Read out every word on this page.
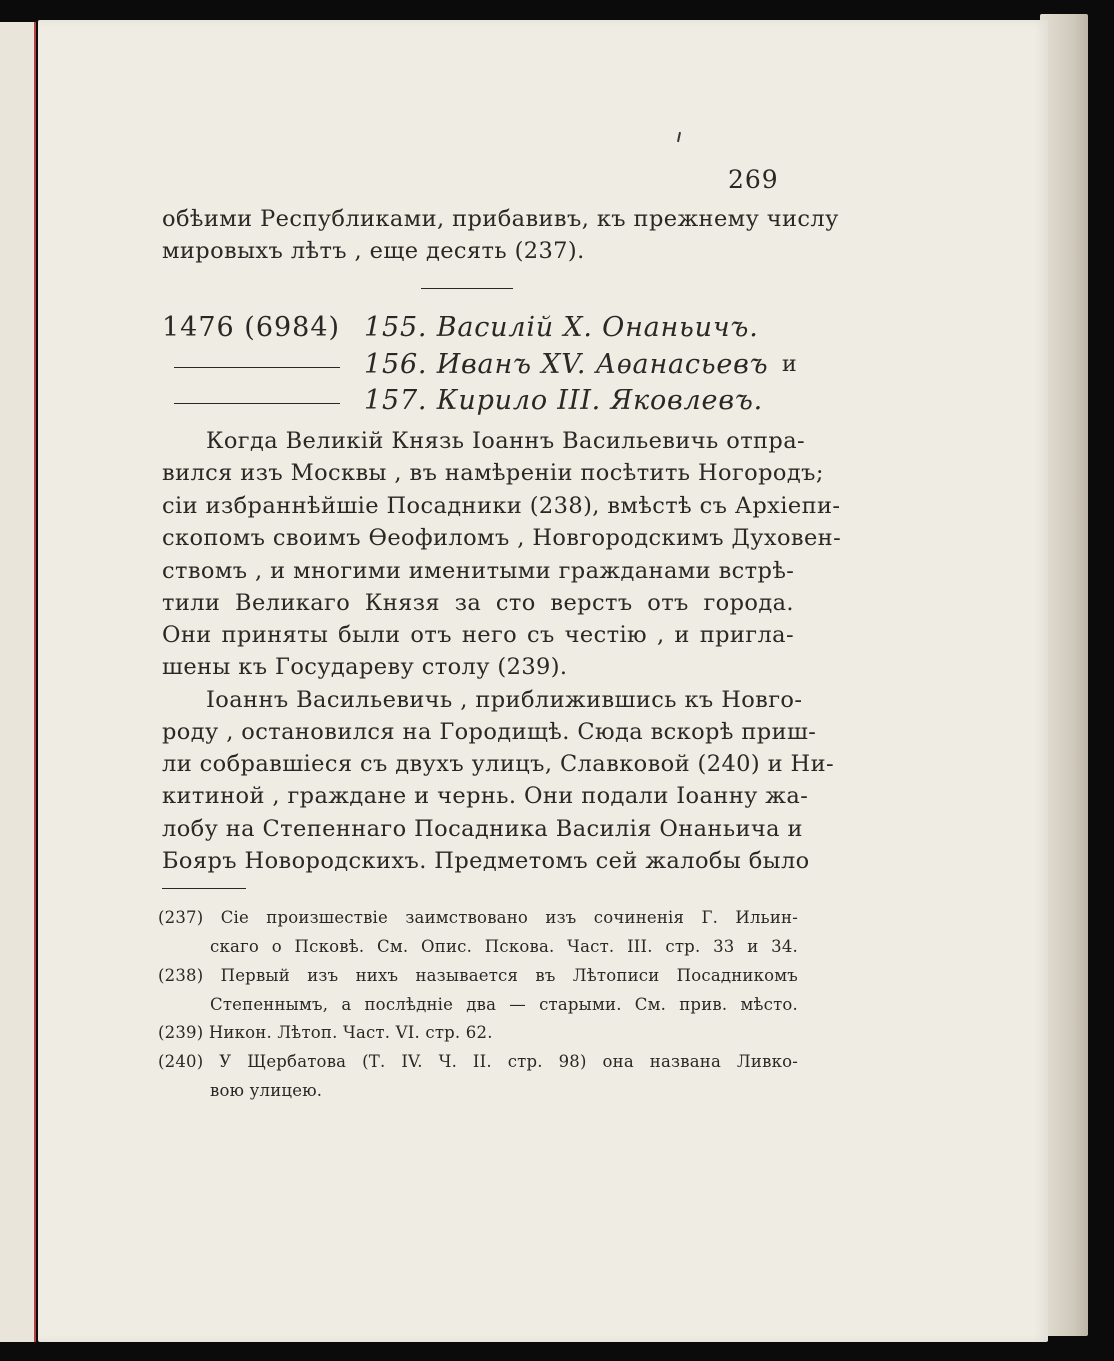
269
обѣими Республиками, прибавивъ, къ прежнему числу
мировыхъ лѣтъ , еще десять (237).
1476 (6984) 155. Василій X. Онаньичъ.
156. Иванъ XV. Аѳанасьевъ и
157. Кирило III. Яковлевъ.
Когда Великій Князь Іоаннъ Васильевичь отпра-
вился изъ Москвы , въ намѣреніи посѣтить Ногородъ;
сіи избраннѣйшіе Посадники (238), вмѣстѣ съ Архіепи-
скопомъ своимъ Ѳеофиломъ , Новгородскимъ Духовен-
ствомъ , и многими именитыми гражданами встрѣ-
тили Великаго Князя за сто верстъ отъ города.
Они приняты были отъ него съ честію , и пригла-
шены къ Государеву столу (239).
Іоаннъ Васильевичь , приближившись къ Новго-
роду , остановился на Городищѣ. Сюда вскорѣ приш-
ли собравшіеся съ двухъ улицъ, Славковой (240) и Ни-
китиной , граждане и чернь. Они подали Іоанну жа-
лобу на Степеннаго Посадника Василія Онаньича и
Бояръ Новородскихъ. Предметомъ сей жалобы было
(237) Сіе произшествіе заимствовано изъ сочиненія Г. Ильин-
скаго о Псковѣ. См. Опис. Пскова. Част. III. стр. 33 и 34.
(238) Первый изъ нихъ называется въ Лѣтописи Посадникомъ
Степеннымъ, а послѣдніе два — старыми. См. прив. мѣсто.
(239) Никон. Лѣтоп. Част. VI. стр. 62.
(240) У Щербатова (Т. IV. Ч. II. стр. 98) она названа Ливко-
вою улицею.
